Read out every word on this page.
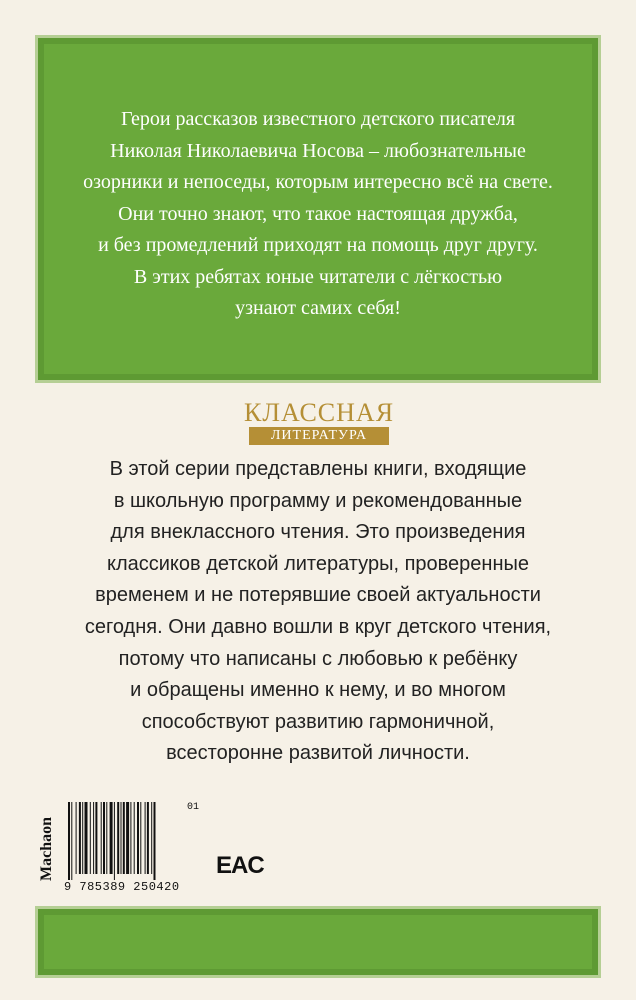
Герои рассказов известного детского писателя
Николая Николаевича Носова – любознательные
озорники и непоседы, которым интересно всё на свете.
Они точно знают, что такое настоящая дружба,
и без промедлений приходят на помощь друг другу.
В этих ребятах юные читатели с лёгкостью
узнают самих себя!
КЛАССНАЯ
ЛИТЕРАТУРА
В этой серии представлены книги, входящие
в школьную программу и рекомендованные
для внеклассного чтения. Это произведения
классиков детской литературы, проверенные
временем и не потерявшие своей актуальности
сегодня. Они давно вошли в круг детского чтения,
потому что написаны с любовью к ребёнку
и обращены именно к нему, и во многом
способствуют развитию гармоничной,
всесторонне развитой личности.
Machaon
01
9 785389 250420
EAC
